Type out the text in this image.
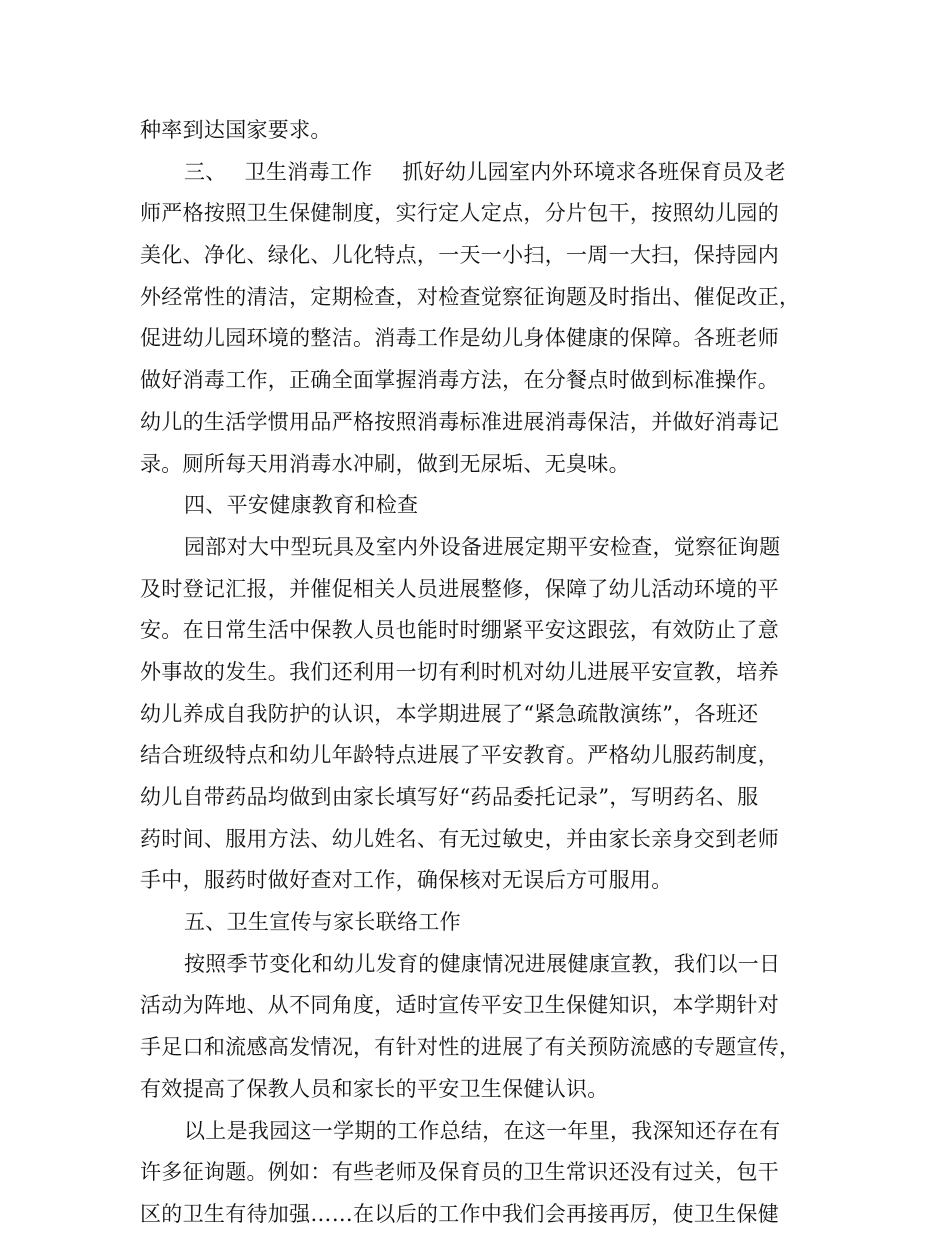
种率到达国家要求。
三、 卫生消毒工作 抓好幼儿园室内外环境求各班保育员及老
师严格按照卫生保健制度，实行定人定点，分片包干，按照幼儿园的
美化、净化、绿化、儿化特点，一天一小扫，一周一大扫，保持园内
外经常性的清洁，定期检查，对检查觉察征询题及时指出、催促改正，
促进幼儿园环境的整洁。消毒工作是幼儿身体健康的保障。各班老师
做好消毒工作，正确全面掌握消毒方法，在分餐点时做到标准操作。
幼儿的生活学惯用品严格按照消毒标准进展消毒保洁，并做好消毒记
录。厕所每天用消毒水冲刷，做到无尿垢、无臭味。
四、平安健康教育和检查
园部对大中型玩具及室内外设备进展定期平安检查，觉察征询题
及时登记汇报，并催促相关人员进展整修，保障了幼儿活动环境的平
安。在日常生活中保教人员也能时时绷紧平安这跟弦，有效防止了意
外事故的发生。我们还利用一切有利时机对幼儿进展平安宣教，培养
幼儿养成自我防护的认识，本学期进展了“紧急疏散演练”，各班还
结合班级特点和幼儿年龄特点进展了平安教育。严格幼儿服药制度，
幼儿自带药品均做到由家长填写好“药品委托记录”，写明药名、服
药时间、服用方法、幼儿姓名、有无过敏史，并由家长亲身交到老师
手中，服药时做好查对工作，确保核对无误后方可服用。
五、卫生宣传与家长联络工作
按照季节变化和幼儿发育的健康情况进展健康宣教，我们以一日
活动为阵地、从不同角度，适时宣传平安卫生保健知识，本学期针对
手足口和流感高发情况，有针对性的进展了有关预防流感的专题宣传，
有效提高了保教人员和家长的平安卫生保健认识。
以上是我园这一学期的工作总结，在这一年里，我深知还存在有
许多征询题。例如：有些老师及保育员的卫生常识还没有过关，包干
区的卫生有待加强……在以后的工作中我们会再接再厉，使卫生保健
